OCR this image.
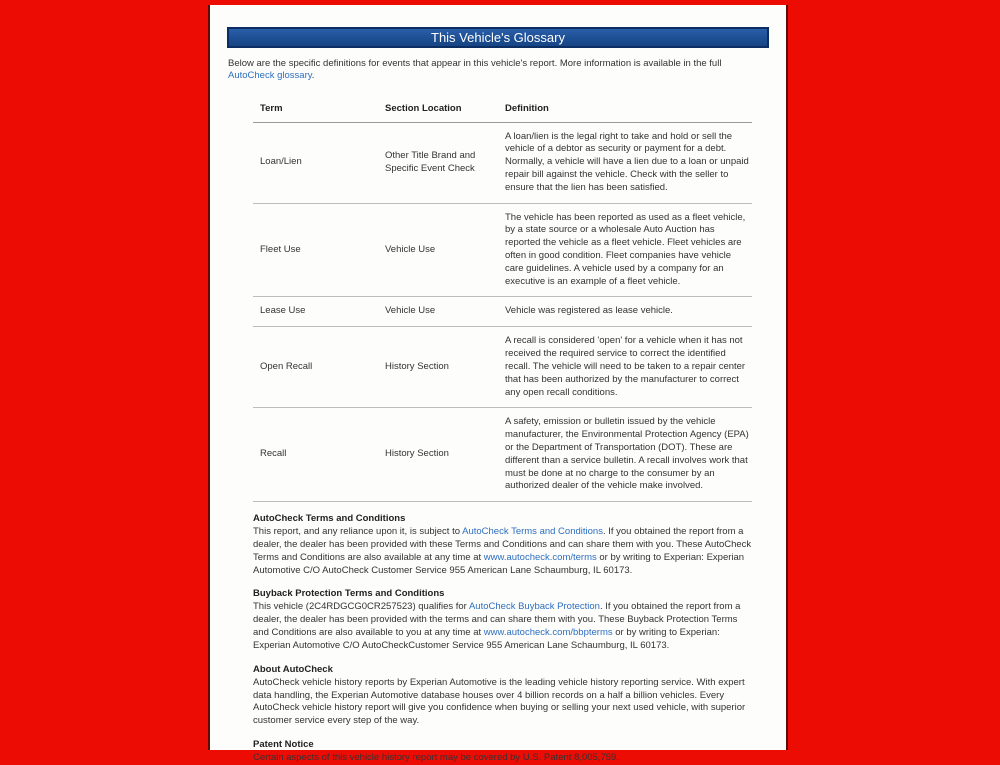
This Vehicle's Glossary

Below are the specific definitions for events that appear in this vehicle's report. More information is available in the full AutoCheck glossary.

Term	Section Location	Definition
Loan/Lien	Other Title Brand and Specific Event Check	A loan/lien is the legal right to take and hold or sell the vehicle of a debtor as security or payment for a debt. Normally, a vehicle will have a lien due to a loan or unpaid repair bill against the vehicle. Check with the seller to ensure that the lien has been satisfied.
Fleet Use	Vehicle Use	The vehicle has been reported as used as a fleet vehicle, by a state source or a wholesale Auto Auction has reported the vehicle as a fleet vehicle. Fleet vehicles are often in good condition. Fleet companies have vehicle care guidelines. A vehicle used by a company for an executive is an example of a fleet vehicle.
Lease Use	Vehicle Use	Vehicle was registered as lease vehicle.
Open Recall	History Section	A recall is considered 'open' for a vehicle when it has not received the required service to correct the identified recall. The vehicle will need to be taken to a repair center that has been authorized by the manufacturer to correct any open recall conditions.
Recall	History Section	A safety, emission or bulletin issued by the vehicle manufacturer, the Environmental Protection Agency (EPA) or the Department of Transportation (DOT). These are different than a service bulletin. A recall involves work that must be done at no charge to the consumer by an authorized dealer of the vehicle make involved.

AutoCheck Terms and Conditions

This report, and any reliance upon it, is subject to AutoCheck Terms and Conditions. If you obtained the report from a dealer, the dealer has been provided with these Terms and Conditions and can share them with you. These AutoCheck Terms and Conditions are also available at any time at www.autocheck.com/terms or by writing to Experian: Experian Automotive C/O AutoCheck Customer Service 955 American Lane Schaumburg, IL 60173.

Buyback Protection Terms and Conditions

This vehicle (2C4RDGCG0CR257523) qualifies for AutoCheck Buyback Protection. If you obtained the report from a dealer, the dealer has been provided with the terms and can share them with you. These Buyback Protection Terms and Conditions are also available to you at any time at www.autocheck.com/bbpterms or by writing to Experian: Experian Automotive C/O AutoCheckCustomer Service 955 American Lane Schaumburg, IL 60173.

About AutoCheck

AutoCheck vehicle history reports by Experian Automotive is the leading vehicle history reporting service. With expert data handling, the Experian Automotive database houses over 4 billion records on a half a billion vehicles. Every AutoCheck vehicle history report will give you confidence when buying or selling your next used vehicle, with superior customer service every step of the way.

Patent Notice

Certain aspects of this vehicle history report may be covered by U.S. Patent 8,005,759.
